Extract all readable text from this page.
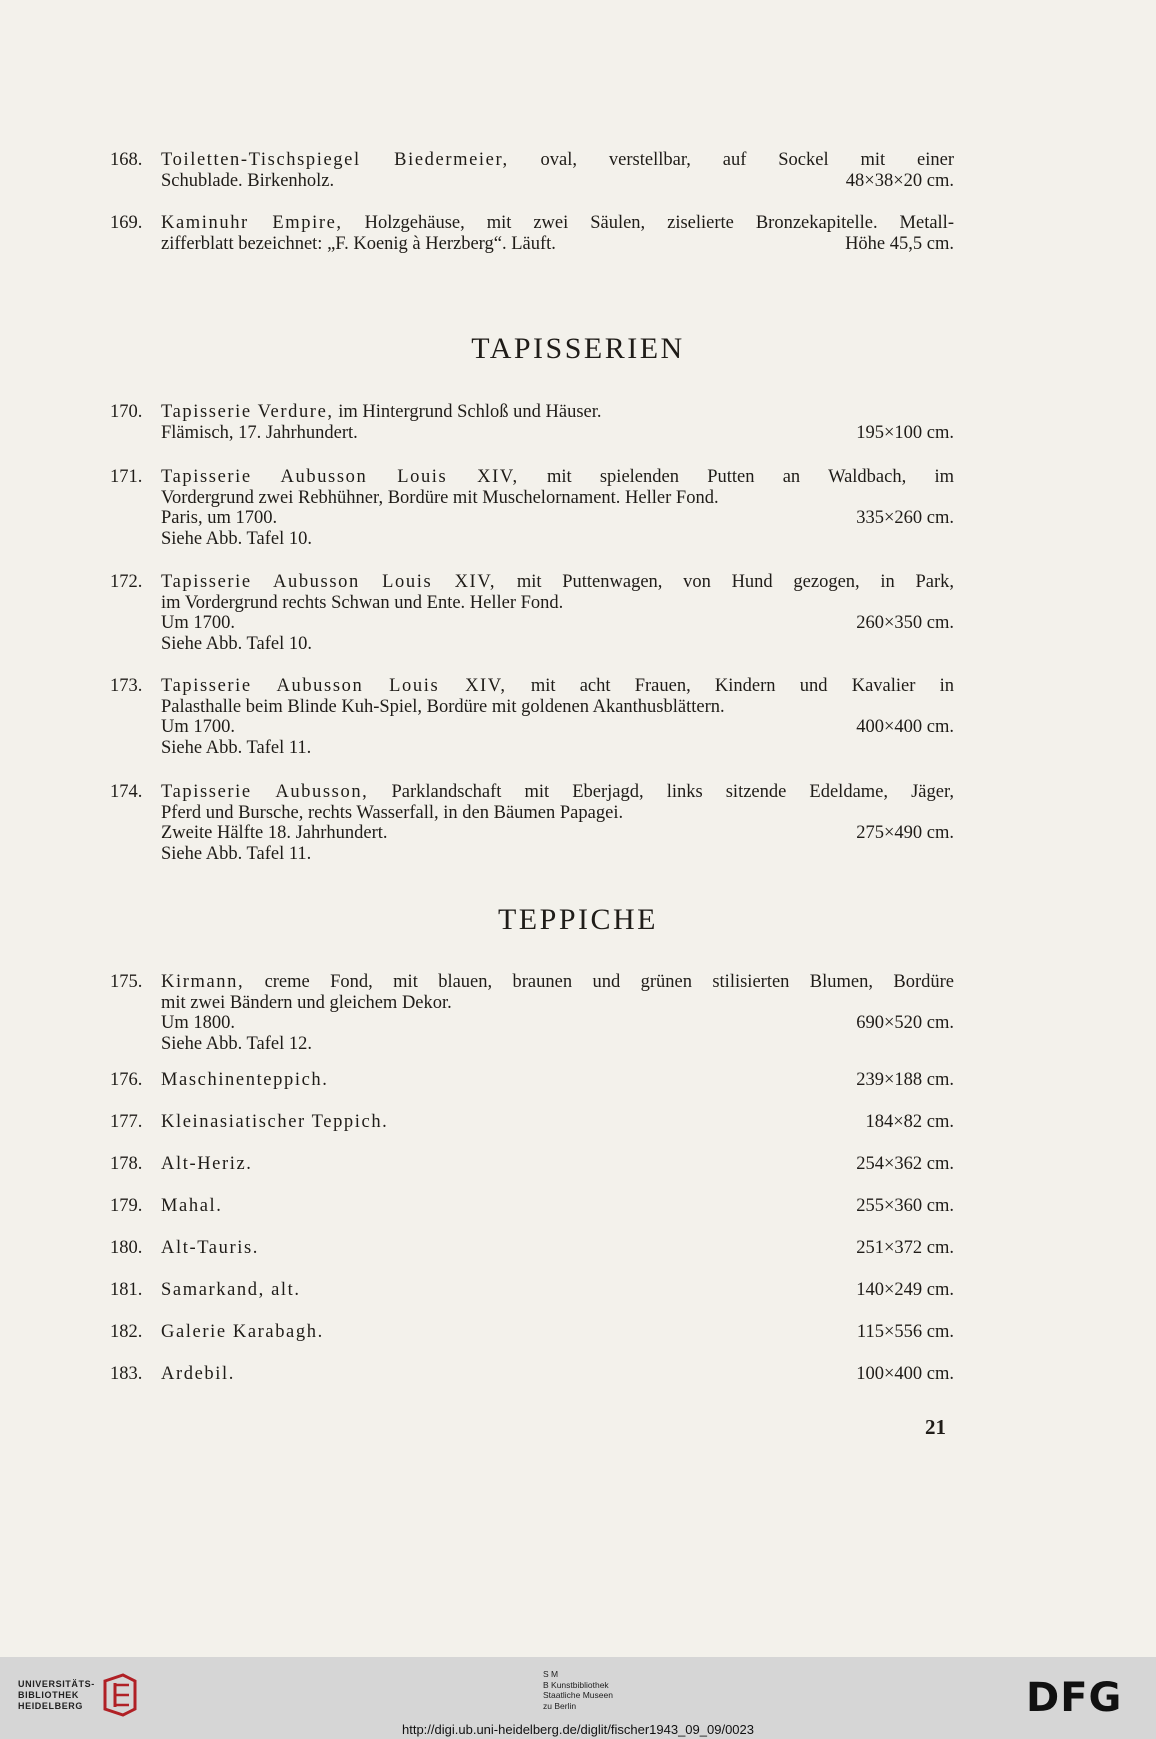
168.	Toiletten-Tischspiegel Biedermeier, oval, verstellbar, auf Sockel mit einer
Schublade. Birkenholz.	48×38×20 cm.
169.	Kaminuhr Empire, Holzgehäuse, mit zwei Säulen, ziselierte Bronzekapitelle. Metall-
zifferblatt bezeichnet: „F. Koenig à Herzberg“. Läuft.	Höhe 45,5 cm.
TAPISSERIEN
170.	Tapisserie Verdure, im Hintergrund Schloß und Häuser.
Flämisch, 17. Jahrhundert.	195×100 cm.
171.	Tapisserie Aubusson Louis XIV, mit spielenden Putten an Waldbach, im
Vordergrund zwei Rebhühner, Bordüre mit Muschelornament. Heller Fond.
Paris, um 1700.	335×260 cm.
Siehe Abb. Tafel 10.
172.	Tapisserie Aubusson Louis XIV, mit Puttenwagen, von Hund gezogen, in Park,
im Vordergrund rechts Schwan und Ente. Heller Fond.
Um 1700.	260×350 cm.
Siehe Abb. Tafel 10.
173.	Tapisserie Aubusson Louis XIV, mit acht Frauen, Kindern und Kavalier in
Palasthalle beim Blinde Kuh-Spiel, Bordüre mit goldenen Akanthusblättern.
Um 1700.	400×400 cm.
Siehe Abb. Tafel 11.
174.	Tapisserie Aubusson, Parklandschaft mit Eberjagd, links sitzende Edeldame, Jäger,
Pferd und Bursche, rechts Wasserfall, in den Bäumen Papagei.
Zweite Hälfte 18. Jahrhundert.	275×490 cm.
Siehe Abb. Tafel 11.
TEPPICHE
175.	Kirmann, creme Fond, mit blauen, braunen und grünen stilisierten Blumen, Bordüre
mit zwei Bändern und gleichem Dekor.
Um 1800.	690×520 cm.
Siehe Abb. Tafel 12.
176.	Maschinenteppich.	239×188 cm.
177.	Kleinasiatischer Teppich.	184×82 cm.
178.	Alt-Heriz.	254×362 cm.
179.	Mahal.	255×360 cm.
180.	Alt-Tauris.	251×372 cm.
181.	Samarkand, alt.	140×249 cm.
182.	Galerie Karabagh.	115×556 cm.
183.	Ardebil.	100×400 cm.
21
UNIVERSITÄTS-
BIBLIOTHEK
HEIDELBERG
S M
B Kunstbibliothek
Staatliche Museen
zu Berlin	DFG
http://digi.ub.uni-heidelberg.de/diglit/fischer1943_09_09/0023
